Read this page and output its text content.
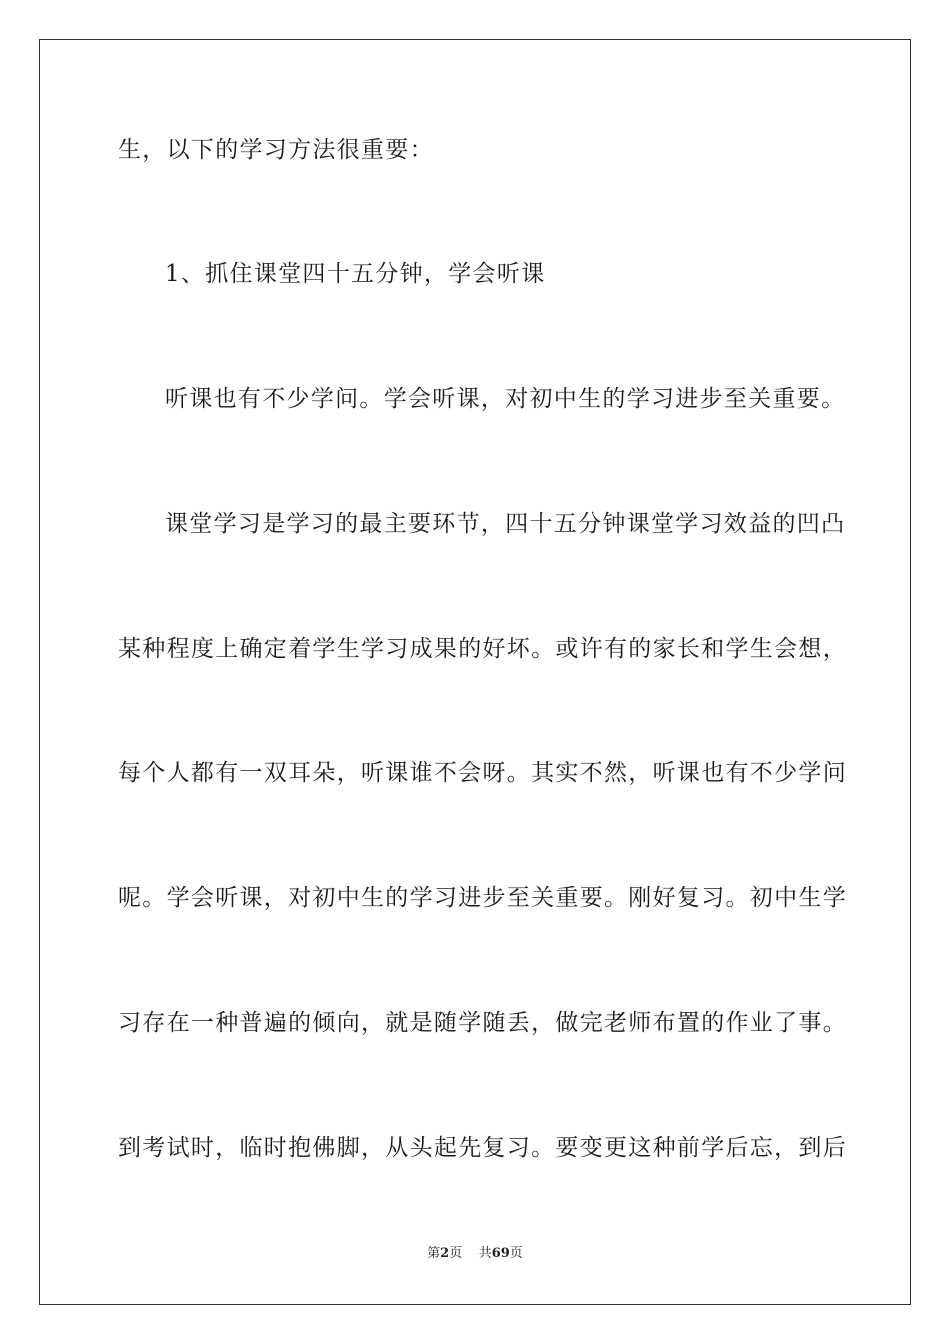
生，以下的学习方法很重要：
1、抓住课堂四十五分钟，学会听课
听课也有不少学问。学会听课，对初中生的学习进步至关重要。
课堂学习是学习的最主要环节，四十五分钟课堂学习效益的凹凸
某种程度上确定着学生学习成果的好坏。或许有的家长和学生会想，
每个人都有一双耳朵，听课谁不会呀。其实不然，听课也有不少学问
呢。学会听课，对初中生的学习进步至关重要。刚好复习。初中生学
习存在一种普遍的倾向，就是随学随丢，做完老师布置的作业了事。
到考试时，临时抱佛脚，从头起先复习。要变更这种前学后忘，到后
第2页 共69页
